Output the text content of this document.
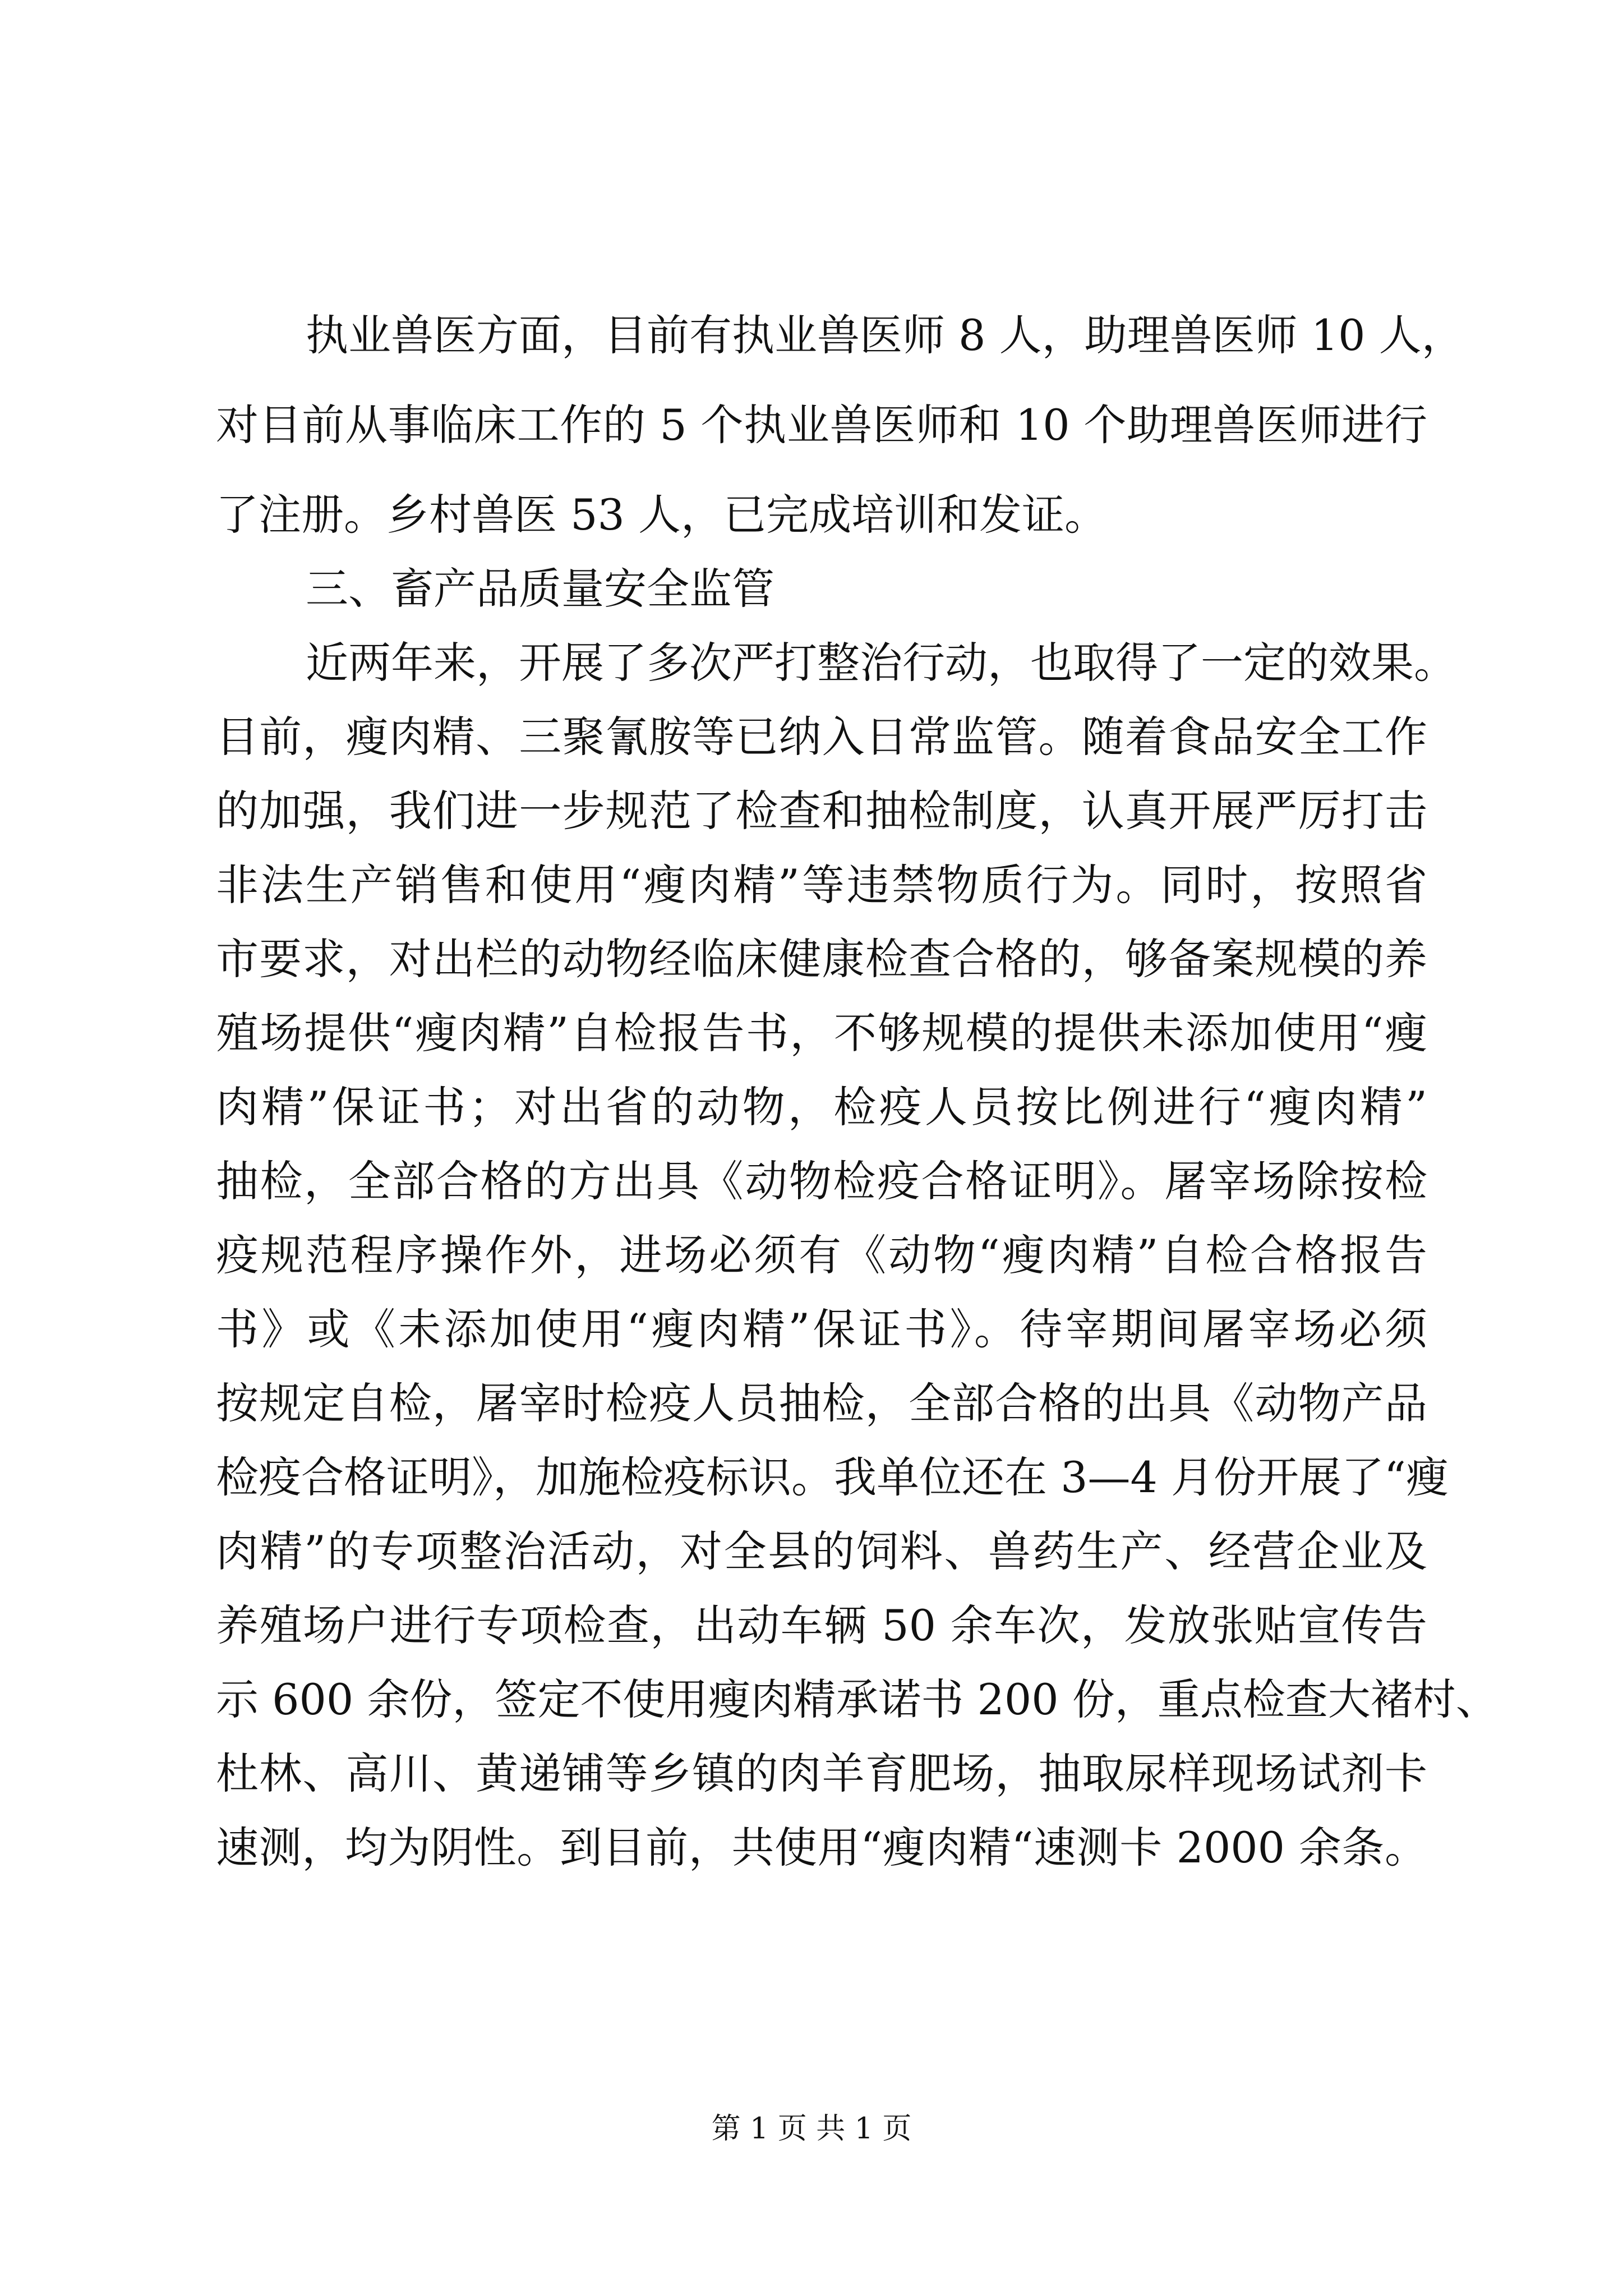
执业兽医方面，目前有执业兽医师 8 人，助理兽医师 10 人，
对目前从事临床工作的 5 个执业兽医师和 10 个助理兽医师进行
了注册。乡村兽医 53 人，已完成培训和发证。
三、畜产品质量安全监管
近两年来，开展了多次严打整治行动，也取得了一定的效果。
目前，瘦肉精、三聚氰胺等已纳入日常监管。随着食品安全工作
的加强，我们进一步规范了检查和抽检制度，认真开展严厉打击
非法生产销售和使用“瘦肉精”等违禁物质行为。同时，按照省
市要求，对出栏的动物经临床健康检查合格的，够备案规模的养
殖场提供“瘦肉精”自检报告书，不够规模的提供未添加使用“瘦
肉精”保证书；对出省的动物，检疫人员按比例进行“瘦肉精”
抽检，全部合格的方出具《动物检疫合格证明》。屠宰场除按检
疫规范程序操作外，进场必须有《动物“瘦肉精”自检合格报告
书》或《未添加使用“瘦肉精”保证书》。待宰期间屠宰场必须
按规定自检，屠宰时检疫人员抽检，全部合格的出具《动物产品
检疫合格证明》，加施检疫标识。我单位还在 3—4 月份开展了“瘦
肉精”的专项整治活动，对全县的饲料、兽药生产、经营企业及
养殖场户进行专项检查，出动车辆 50 余车次，发放张贴宣传告
示 600 余份，签定不使用瘦肉精承诺书 200 份，重点检查大褚村、
杜林、高川、黄递铺等乡镇的肉羊育肥场，抽取尿样现场试剂卡
速测，均为阴性。到目前，共使用“瘦肉精“速测卡 2000 余条。
第 1 页 共 1 页
